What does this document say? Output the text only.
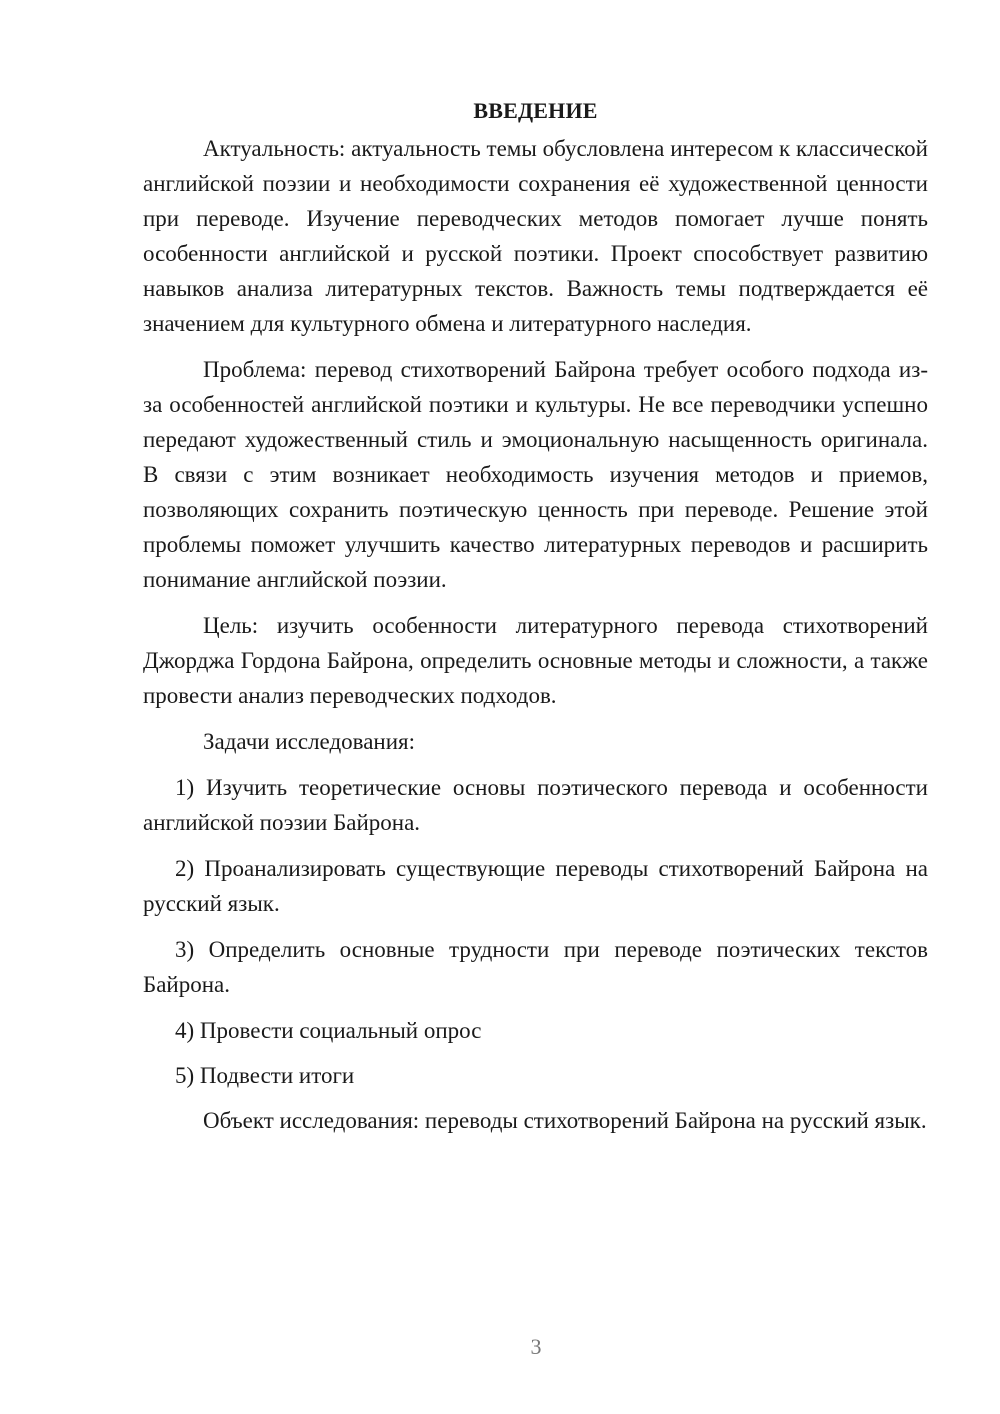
ВВЕДЕНИЕ

Актуальность: актуальность темы обусловлена интересом к классической английской поэзии и необходимости сохранения её художественной ценности при переводе. Изучение переводческих методов помогает лучше понять особенности английской и русской поэтики. Проект способствует развитию навыков анализа литературных текстов. Важность темы подтверждается её значением для культурного обмена и литературного наследия.

Проблема: перевод стихотворений Байрона требует особого подхода из-за особенностей английской поэтики и культуры. Не все переводчики успешно передают художественный стиль и эмоциональную насыщенность оригинала. В связи с этим возникает необходимость изучения методов и приемов, позволяющих сохранить поэтическую ценность при переводе. Решение этой проблемы поможет улучшить качество литературных переводов и расширить понимание английской поэзии.

Цель: изучить особенности литературного перевода стихотворений Джорджа Гордона Байрона, определить основные методы и сложности, а также провести анализ переводческих подходов.

Задачи исследования:

1) Изучить теоретические основы поэтического перевода и особенности английской поэзии Байрона.

2) Проанализировать существующие переводы стихотворений Байрона на русский язык.

3) Определить основные трудности при переводе поэтических текстов Байрона.

4) Провести социальный опрос

5) Подвести итоги

Объект исследования: переводы стихотворений Байрона на русский язык.

3
